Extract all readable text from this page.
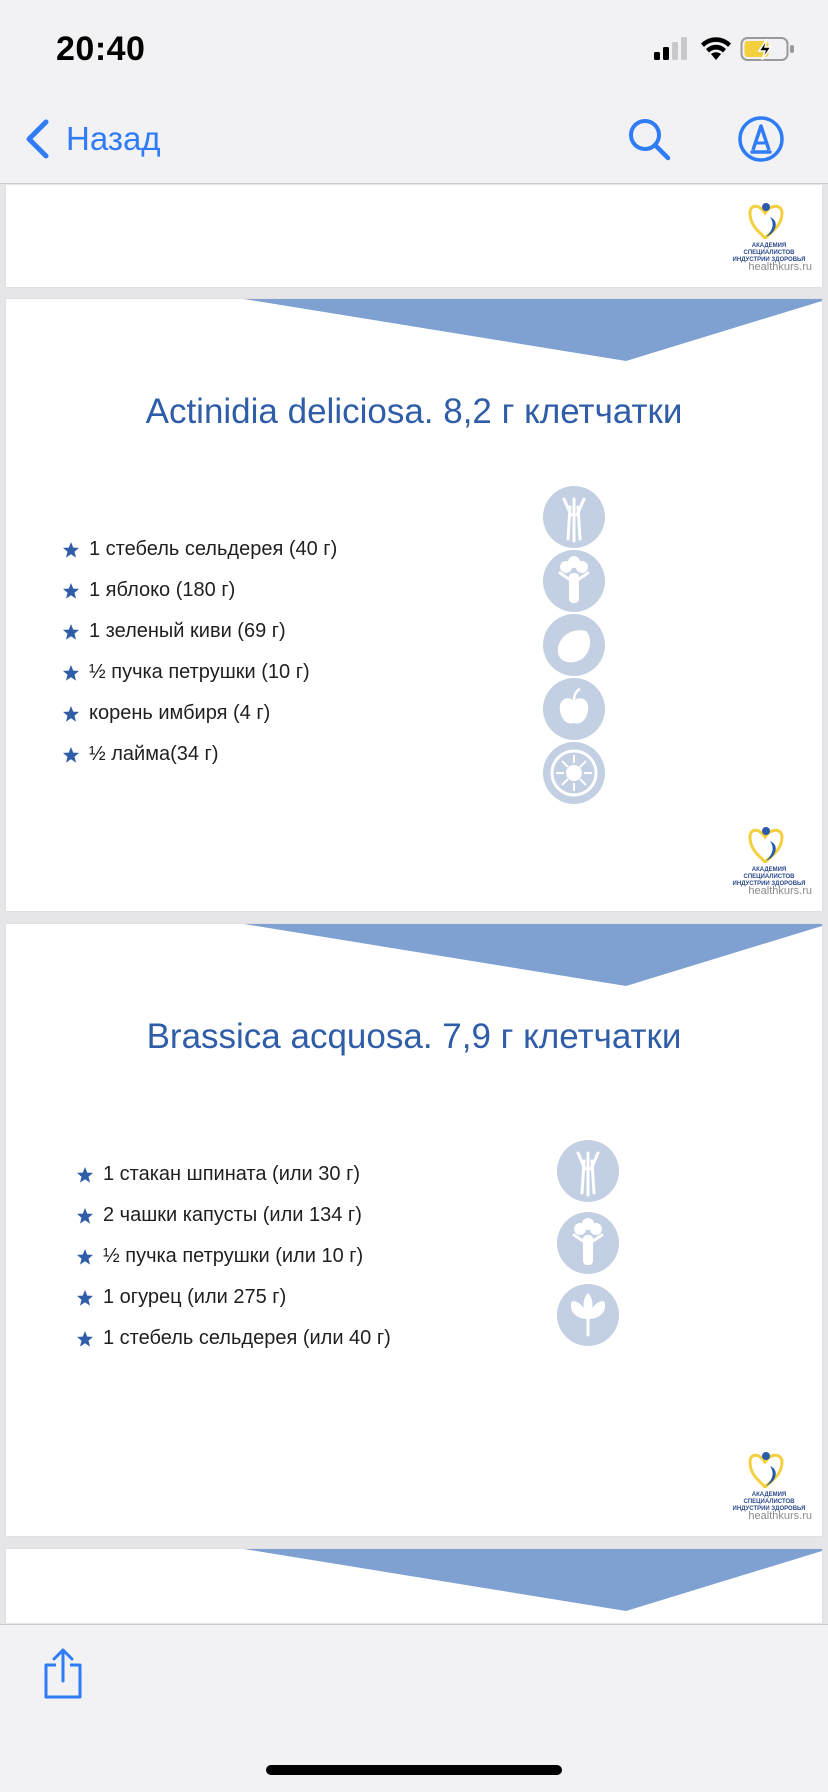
20:40
Назад
АКАДЕМИЯ СПЕЦИАЛИСТОВ
ИНДУСТРИИ ЗДОРОВЬЯ
healthkurs.ru
Actinidia deliciosa. 8,2 г клетчатки
1 стебель сельдерея (40 г)
1 яблоко (180 г)
1 зеленый киви (69 г)
½ пучка петрушки (10 г)
корень имбиря (4 г)
½ лайма(34 г)
АКАДЕМИЯ СПЕЦИАЛИСТОВ
ИНДУСТРИИ ЗДОРОВЬЯ
healthkurs.ru
Brassica acquosa. 7,9 г клетчатки
1 стакан шпината (или 30 г)
2 чашки капусты (или 134 г)
½ пучка петрушки (или 10 г)
1 огурец (или 275 г)
1 стебель сельдерея (или 40 г)
АКАДЕМИЯ СПЕЦИАЛИСТОВ
ИНДУСТРИИ ЗДОРОВЬЯ
healthkurs.ru
